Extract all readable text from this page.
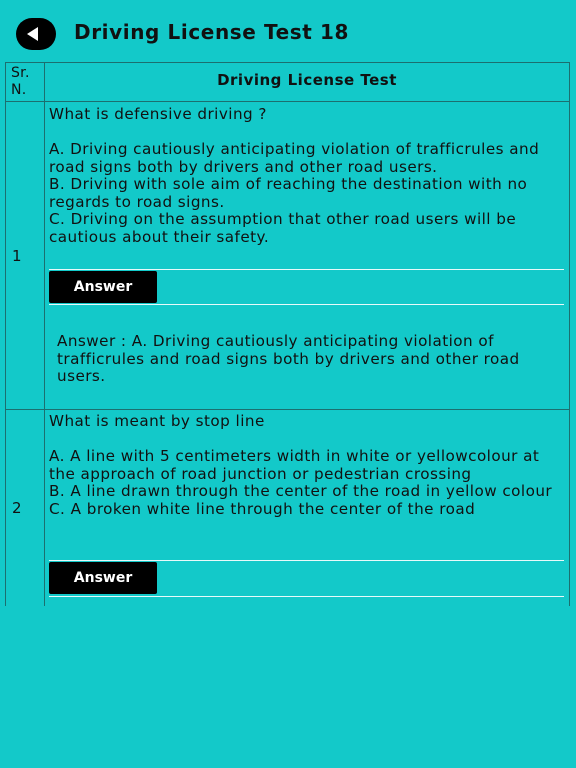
Driving License Test 18
Sr.
N.
Driving License Test
1
What is defensive driving ?

A. Driving cautiously anticipating violation of trafficrules and road signs both by drivers and other road users.
B. Driving with sole aim of reaching the destination with no regards to road signs.
C. Driving on the assumption that other road users will be cautious about their safety.
Answer
Answer : A. Driving cautiously anticipating violation of trafficrules and road signs both by drivers and other road users.
2
What is meant by stop line

A. A line with 5 centimeters width in white or yellowcolour at the approach of road junction or pedestrian crossing
B. A line drawn through the center of the road in yellow colour
C. A broken white line through the center of the road
Answer
